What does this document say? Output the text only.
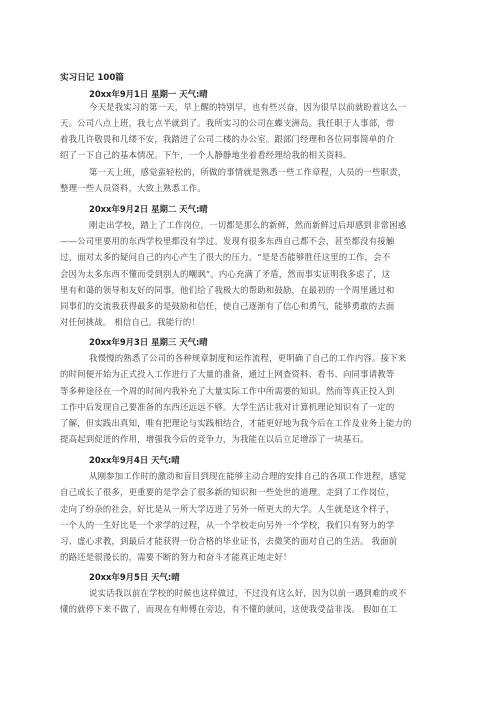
实习日记 100篇
20xx年9月1日 星期一 天气:晴
今天是我实习的第一天，早上醒的特别早，也有些兴奋，因为很早以前就盼着这么一
天。公司八点上班，我七点半就到了。我所实习的公司在蝶支洲岛。我任职于人事部，带
着我几许敬畏和几缕不安，我踏进了公司二楼的办公室。跟部门经理和各位同事简单的介
绍了一下自己的基本情况。下午，一个人静静地坐着看经理给我的相关资料。
第一天上班，感觉蛮轻松的，所做的事情就是熟悉一些工作章程，人员的一些职责，
整理一些人员资料，大致上熟悉工作。
20xx年9月2日 星期二 天气:晴
刚走出学校，踏上了工作岗位，一切都是那么的新鲜，然而新鲜过后却感到非常困惑
——公司里要用的东西学校里都没有学过。发现有很多东西自己都不会，甚至都没有接触
过，面对太多的疑问自己的内心产生了很大的压力。“是是否能够胜任这里的工作，会不
会因为太多东西不懂而受到别人的嘲讽”。内心充满了矛盾，然而事实证明我多虑了，这
里有和蔼的领导和友好的同事，他们给了我极大的帮助和鼓励，在最初的一个周里通过和
同事们的交流我获得最多的是鼓励和信任，使自己逐渐有了信心和勇气，能够勇敢的去面
对任何挑战。 相信自己，我能行的！
20xx年9月3日 星期三 天气:晴
我慢慢的熟悉了公司的各种规章制度和运作流程，更明确了自己的工作内容。接下来
的时间便开始为正式投入工作进行了大量的准备，通过上网查资料、看书、向同事请教等
等多种途径在一个周的时间内我补充了大量实际工作中所需要的知识。然而等真正投入到
工作中后发现自己要准备的东西还远远不够。大学生活让我对计算机理论知识有了一定的
了解，但实践出真知，唯有把理论与实践相结合，才能更好地为我今后在工作及业务上能力的
提高起到促进的作用，增强我今后的竞争力，为我能在以后立足增添了一块基石。
20xx年9月4日 天气:晴
从刚参加工作时的激动和盲目到现在能够主动合理的安排自己的各项工作进程，感觉
自己成长了很多，更重要的是学会了很多新的知识和一些处世的道理。走到了工作岗位，
走向了纷杂的社会，好比是从一所大学迈进了另外一所更大的大学。人生就是这个样子，
一个人的一生好比是一个求学的过程，从一个学校走向另外一个学校，我们只有努力的学
习、虚心求教，到最后才能获得一份合格的毕业证书，去微笑的面对自己的生活。 我面前
的路还是很漫长的，需要不断的努力和奋斗才能真正地走好！
20xx年9月5日 天气:晴
说实话我以前在学校的时候也这样做过，不过没有这么好，因为以前一遇到难的或不
懂的就停下来不做了，而现在有师傅在旁边，有不懂的就问，这使我受益非浅。 假如在工
